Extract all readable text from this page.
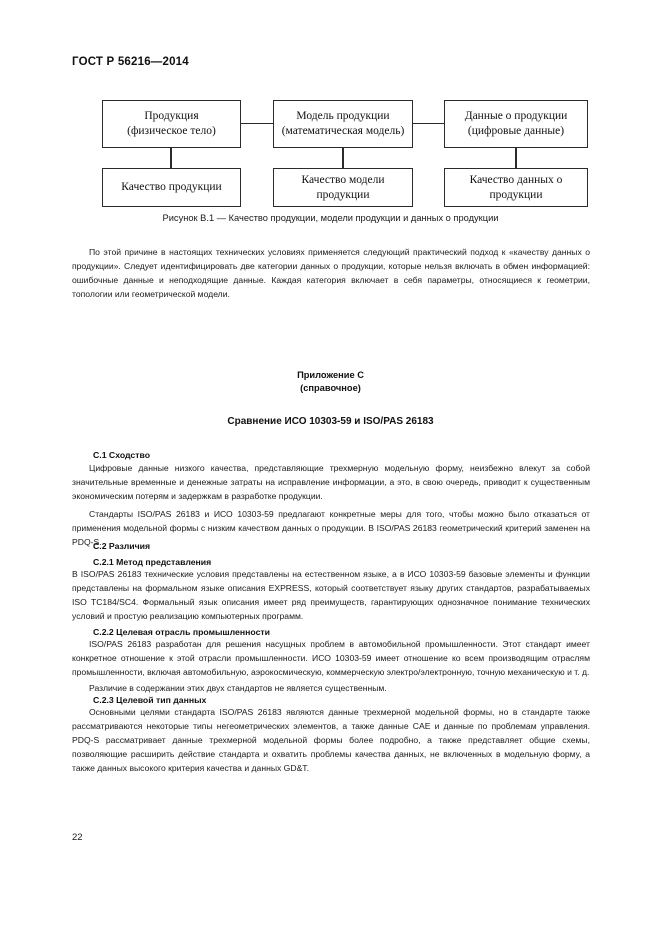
ГОСТ Р 56216—2014
Продукция
(физическое тело)
Модель продукции
(математическая модель)
Данные о продукции
(цифровые данные)
Качество продукции
Качество модели
продукции
Качество данных о
продукции
Рисунок В.1 — Качество продукции, модели продукции и данных о продукции

По этой причине в настоящих технических условиях применяется следующий практический подход к «качеству данных о продукции». Следует идентифицировать две категории данных о продукции, которые нельзя включать в обмен информацией: ошибочные данные и неподходящие данные. Каждая категория включает в себя параметры, относящиеся к геометрии, топологии или геометрической модели.

Приложение С
(справочное)
Сравнение ИСО 10303-59 и ISO/PAS 26183
С.1 Сходство

Цифровые данные низкого качества, представляющие трехмерную модельную форму, неизбежно влекут за собой значительные временные и денежные затраты на исправление информации, а это, в свою очередь, приводит к существенным экономическим потерям и задержкам в разработке продукции.

Стандарты ISO/PAS 26183 и ИСО 10303-59 предлагают конкретные меры для того, чтобы можно было отказаться от применения модельной формы с низким качеством данных о продукции. В ISO/PAS 26183 геометрический критерий заменен на PDQ-S.

С.2 Различия
С.2.1 Метод представления

В ISO/PAS 26183 технические условия представлены на естественном языке, а в ИСО 10303-59 базовые элементы и функции представлены на формальном языке описания EXPRESS, который соответствует языку других стандартов, разрабатываемых ISO TC184/SC4. Формальный язык описания имеет ряд преимуществ, гарантирующих однозначное понимание технических условий и простую реализацию компьютерных программ.

С.2.2 Целевая отрасль промышленности

ISO/PAS 26183 разработан для решения насущных проблем в автомобильной промышленности. Этот стандарт имеет конкретное отношение к этой отрасли промышленности. ИСО 10303-59 имеет отношение ко всем производящим отраслям промышленности, включая автомобильную, аэрокосмическую, коммерческую электро/электронную, точную механическую и т. д.

Различие в содержании этих двух стандартов не является существенным.

С.2.3 Целевой тип данных

Основными целями стандарта ISO/PAS 26183 являются данные трехмерной модельной формы, но в стандарте также рассматриваются некоторые типы негеометрических элементов, а также данные CAE и данные по проблемам управления. PDQ-S рассматривает данные трехмерной модельной формы более подробно, а также представляет общие схемы, позволяющие расширить действие стандарта и охватить проблемы качества данных, не включенных в модельную форму, а также данных высокого критерия качества и данных GD&T.

22
